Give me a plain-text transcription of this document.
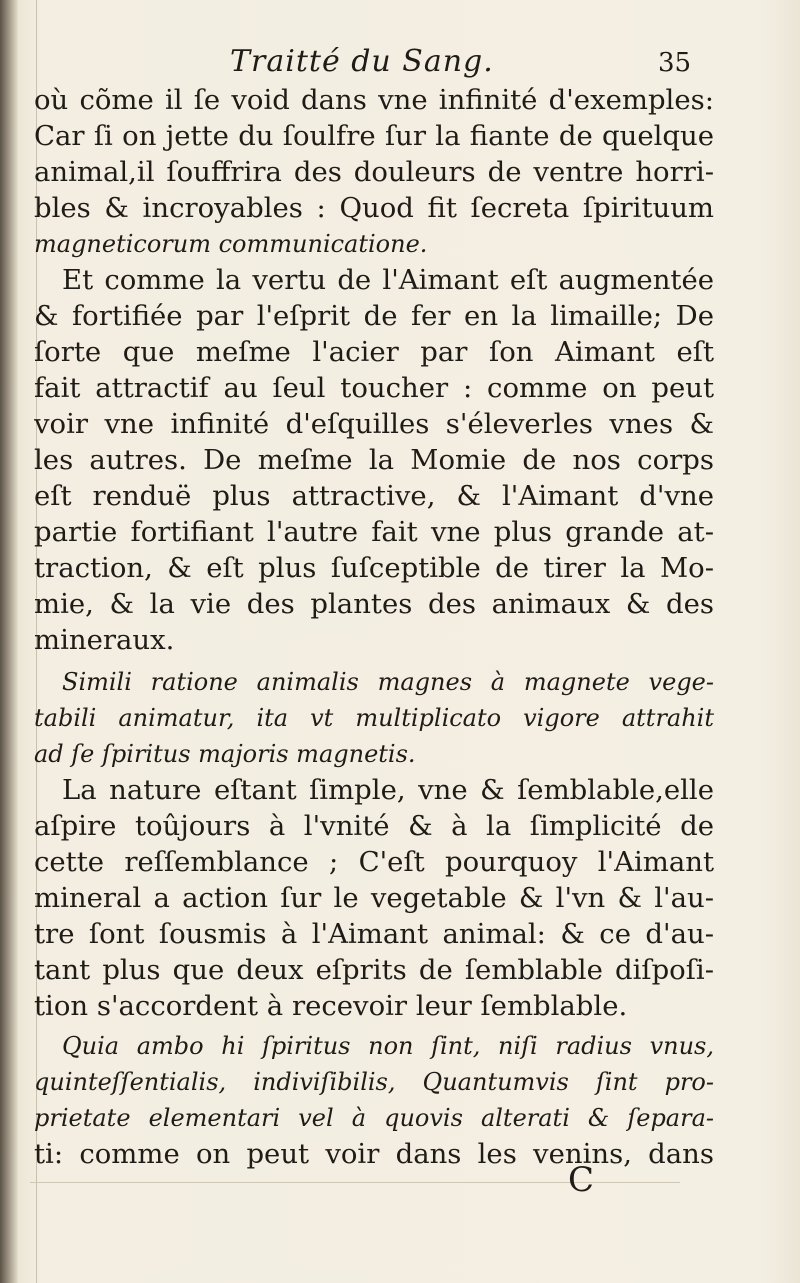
Traitté du Sang.	35
où cõme il ſe void dans vne infinité d'exemples:
Car ſi on jette du ſoulfre ſur la fiante de quelque
animal,il ſouffrira des douleurs de ventre horri-
bles & incroyables : Quod fit ſecreta ſpirituum
magneticorum communicatione.
Et comme la vertu de l'Aimant eſt augmentée
& fortifiée par l'eſprit de fer en la limaille; De
ſorte que meſme l'acier par ſon Aimant eſt
fait attractif au ſeul toucher : comme on peut
voir vne infinité d'eſquilles s'éleverles vnes &
les autres. De meſme la Momie de nos corps
eſt renduë plus attractive, & l'Aimant d'vne
partie fortifiant l'autre fait vne plus grande at-
traction, & eſt plus ſuſceptible de tirer la Mo-
mie, & la vie des plantes des animaux & des
mineraux.
Simili ratione animalis magnes à magnete vege-
tabili animatur, ita vt multiplicato vigore attrahit
ad ſe ſpiritus majoris magnetis.
La nature eſtant ſimple, vne & ſemblable,elle
aſpire toûjours à l'vnité & à la ſimplicité de
cette reſſemblance ; C'eſt pourquoy l'Aimant
mineral a action ſur le vegetable & l'vn & l'au-
tre ſont ſousmis à l'Aimant animal: & ce d'au-
tant plus que deux eſprits de ſemblable diſpoſi-
tion s'accordent à recevoir leur ſemblable.
Quia ambo hi ſpiritus non ſint, niſi radius vnus,
quinteſſentialis, indiviſibilis, Quantumvis ſint pro-
prietate elementari vel à quovis alterati & ſepara-
ti: comme on peut voir dans les venins, dans
C
